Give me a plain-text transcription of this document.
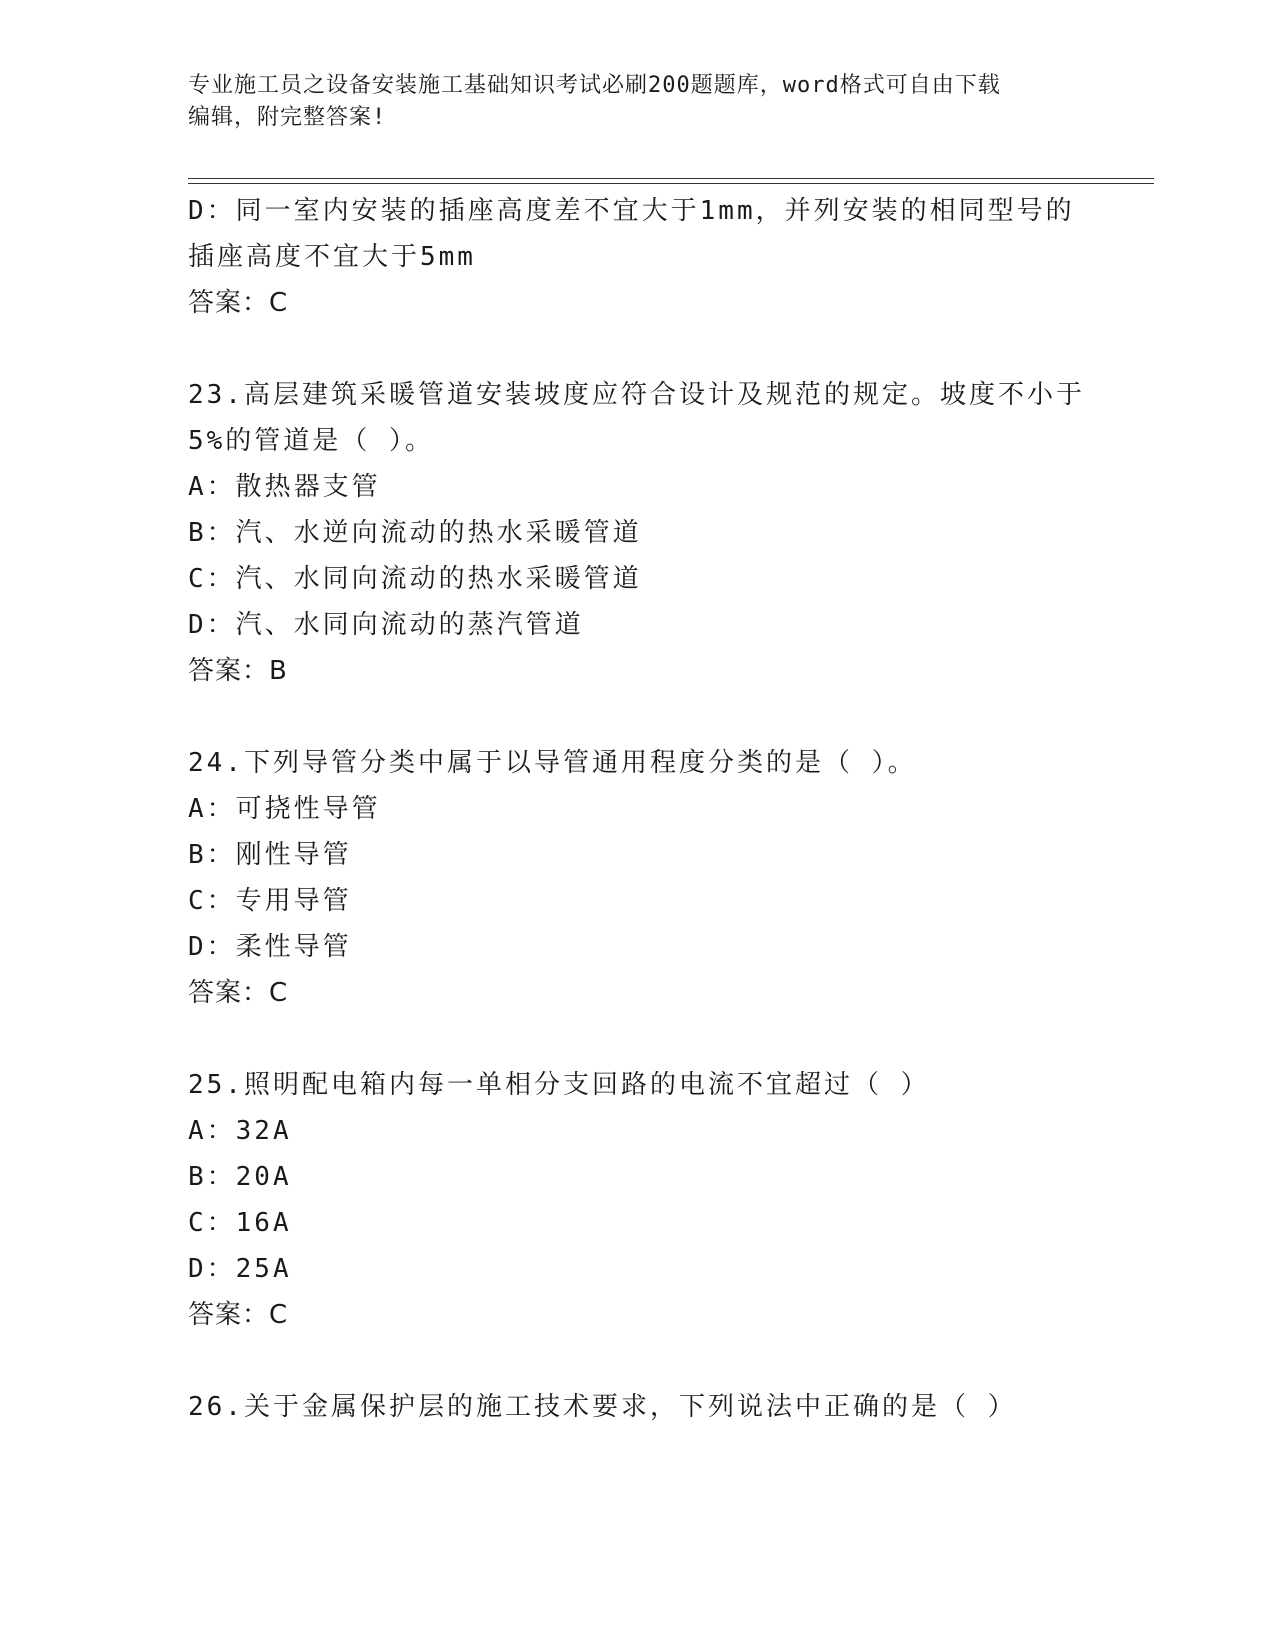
专业施工员之设备安装施工基础知识考试必刷200题题库，word格式可自由下载
编辑，附完整答案!
D：同一室内安装的插座高度差不宜大于1mm，并列安装的相同型号的
插座高度不宜大于5mm
答案：C
23.高层建筑采暖管道安装坡度应符合设计及规范的规定。坡度不小于
5%的管道是（ ）。
A：散热器支管
B：汽、水逆向流动的热水采暖管道
C：汽、水同向流动的热水采暖管道
D：汽、水同向流动的蒸汽管道
答案：B
24.下列导管分类中属于以导管通用程度分类的是（ ）。
A：可挠性导管
B：刚性导管
C：专用导管
D：柔性导管
答案：C
25.照明配电箱内每一单相分支回路的电流不宜超过（ ）
A：32A
B：20A
C：16A
D：25A
答案：C
26.关于金属保护层的施工技术要求，下列说法中正确的是（ ）
